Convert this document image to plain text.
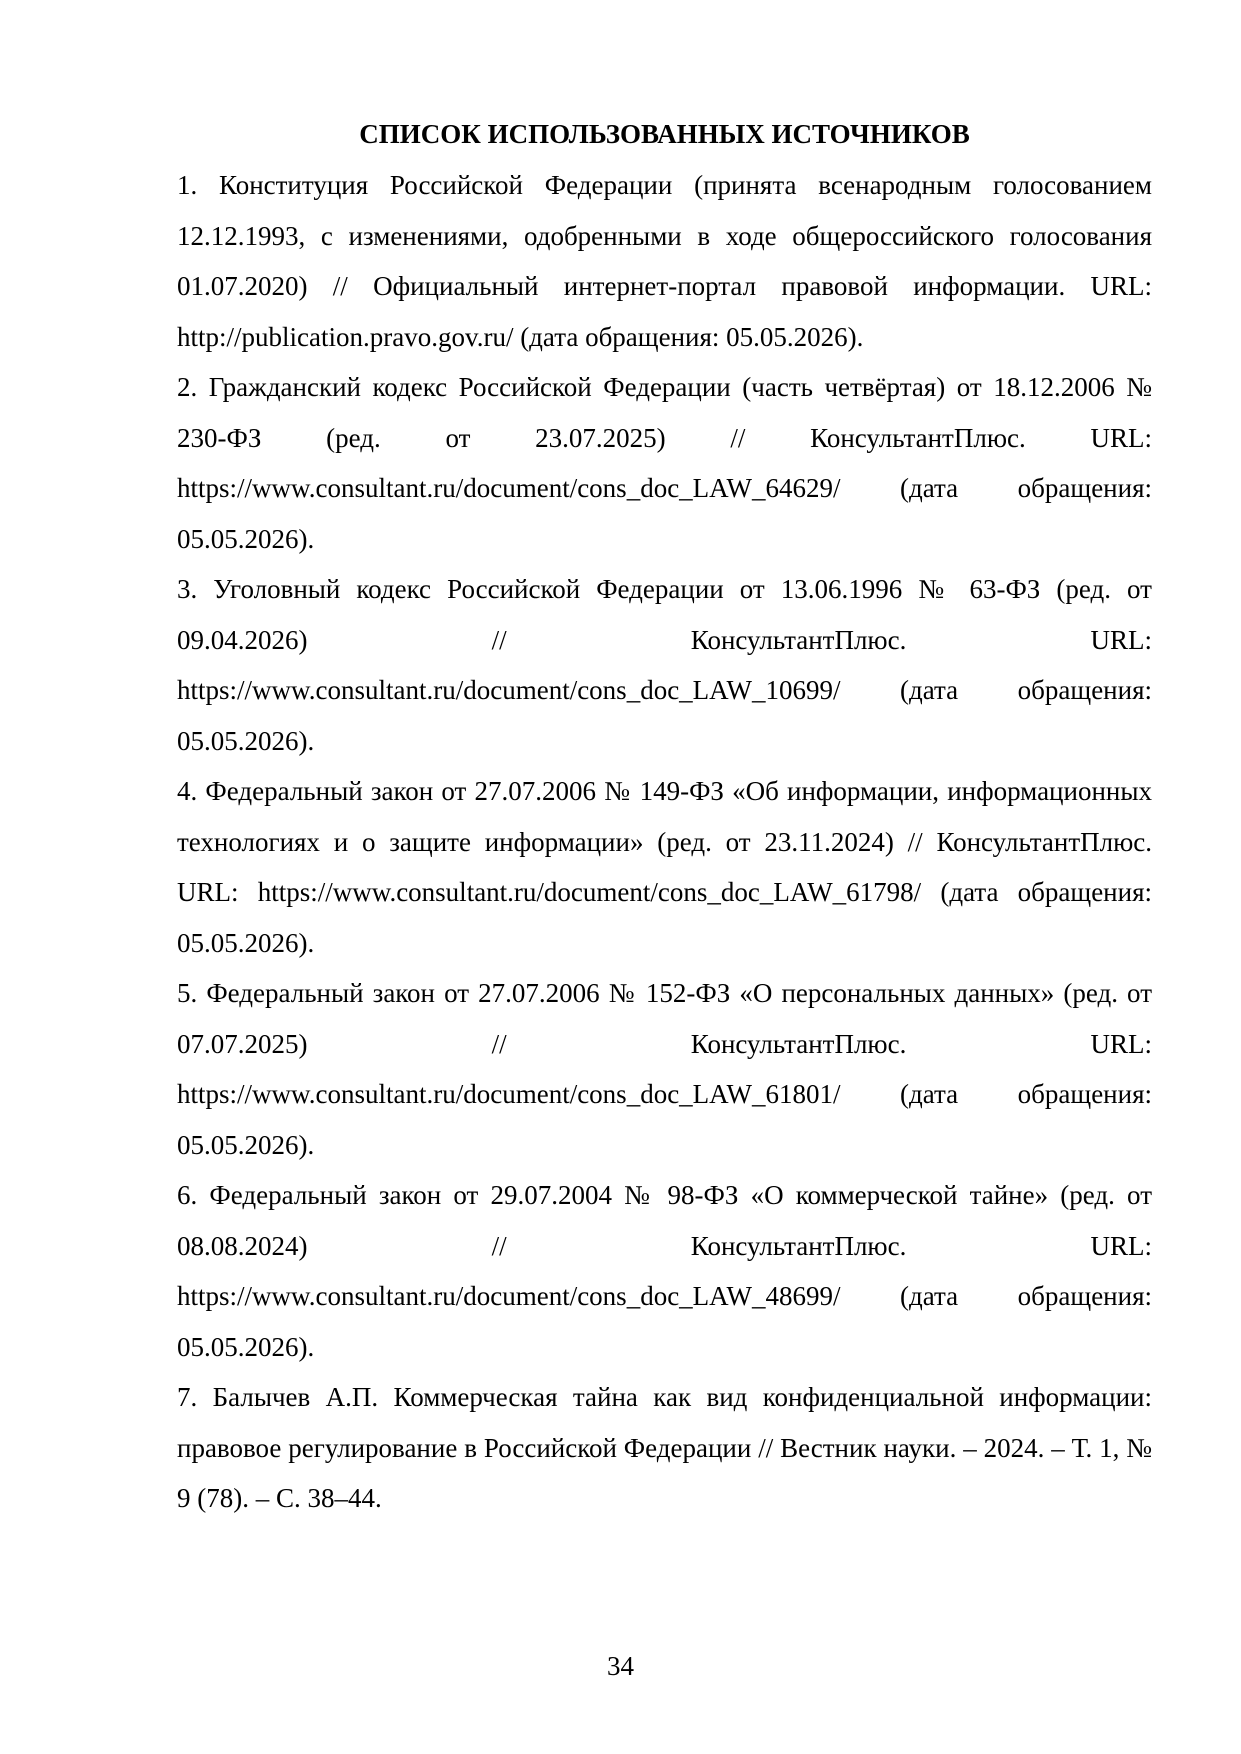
СПИСОК ИСПОЛЬЗОВАННЫХ ИСТОЧНИКОВ
1. Конституция Российской Федерации (принята всенародным голосованием 12.12.1993, с изменениями, одобренными в ходе общероссийского голосования 01.07.2020) // Официальный интернет-портал правовой информации. URL: http://publication.pravo.gov.ru/ (дата обращения: 05.05.2026).
2. Гражданский кодекс Российской Федерации (часть четвёртая) от 18.12.2006 № 230-ФЗ (ред. от 23.07.2025) // КонсультантПлюс. URL: https://www.consultant.ru/document/cons_doc_LAW_64629/ (дата обращения: 05.05.2026).
3. Уголовный кодекс Российской Федерации от 13.06.1996 № 63-ФЗ (ред. от 09.04.2026) // КонсультантПлюс. URL: https://www.consultant.ru/document/cons_doc_LAW_10699/ (дата обращения: 05.05.2026).
4. Федеральный закон от 27.07.2006 № 149-ФЗ «Об информации, информационных технологиях и о защите информации» (ред. от 23.11.2024) // КонсультантПлюс. URL: https://www.consultant.ru/document/cons_doc_LAW_61798/ (дата обращения: 05.05.2026).
5. Федеральный закон от 27.07.2006 № 152-ФЗ «О персональных данных» (ред. от 07.07.2025) // КонсультантПлюс. URL: https://www.consultant.ru/document/cons_doc_LAW_61801/ (дата обращения: 05.05.2026).
6. Федеральный закон от 29.07.2004 № 98-ФЗ «О коммерческой тайне» (ред. от 08.08.2024) // КонсультантПлюс. URL: https://www.consultant.ru/document/cons_doc_LAW_48699/ (дата обращения: 05.05.2026).
7. Балычев А.П. Коммерческая тайна как вид конфиденциальной информации: правовое регулирование в Российской Федерации // Вестник науки. – 2024. – Т. 1, № 9 (78). – С. 38–44.
34
